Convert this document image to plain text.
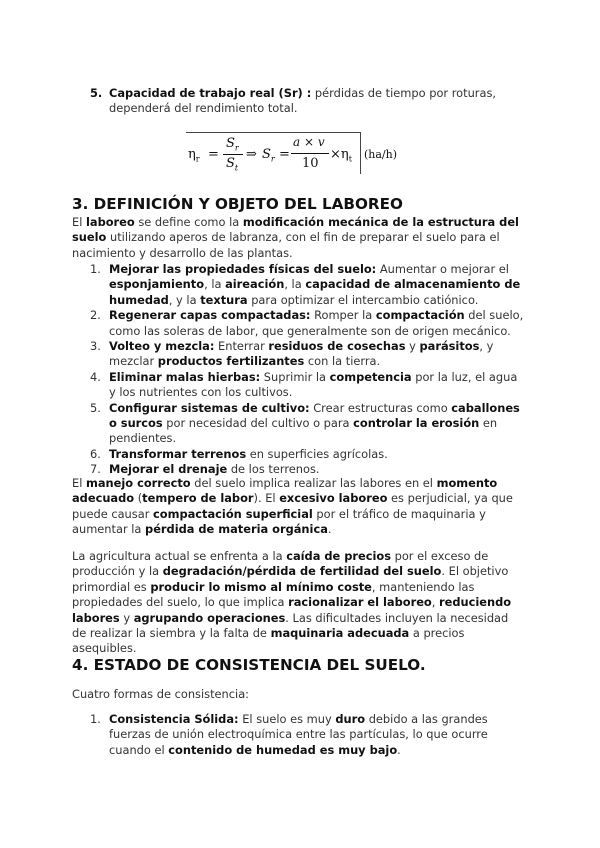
5. Capacidad de trabajo real (Sr) : pérdidas de tiempo por roturas, dependerá del rendimiento total.
$\eta_r$ =
$S_r$
$S_t$
⇒ $S_r$ =
a × v
10
$\times\eta_t$ (ha/h)
3. DEFINICIÓN Y OBJETO DEL LABOREO

El laboreo se define como la modificación mecánica de la estructura del suelo utilizando aperos de labranza, con el fin de preparar el suelo para el nacimiento y desarrollo de las plantas.

1. Mejorar las propiedades físicas del suelo: Aumentar o mejorar el esponjamiento, la aireación, la capacidad de almacenamiento de humedad, y la textura para optimizar el intercambio catiónico.
2. Regenerar capas compactadas: Romper la compactación del suelo, como las soleras de labor, que generalmente son de origen mecánico.
3. Volteo y mezcla: Enterrar residuos de cosechas y parásitos, y mezclar productos fertilizantes con la tierra.
4. Eliminar malas hierbas: Suprimir la competencia por la luz, el agua y los nutrientes con los cultivos.
5. Configurar sistemas de cultivo: Crear estructuras como caballones o surcos por necesidad del cultivo o para controlar la erosión en pendientes.
6. Transformar terrenos en superficies agrícolas.
7. Mejorar el drenaje de los terrenos.

El manejo correcto del suelo implica realizar las labores en el momento adecuado (tempero de labor). El excesivo laboreo es perjudicial, ya que puede causar compactación superficial por el tráfico de maquinaria y aumentar la pérdida de materia orgánica.

La agricultura actual se enfrenta a la caída de precios por el exceso de producción y la degradación/pérdida de fertilidad del suelo. El objetivo primordial es producir lo mismo al mínimo coste, manteniendo las propiedades del suelo, lo que implica racionalizar el laboreo, reduciendo labores y agrupando operaciones. Las dificultades incluyen la necesidad de realizar la siembra y la falta de maquinaria adecuada a precios asequibles.

4. ESTADO DE CONSISTENCIA DEL SUELO.

Cuatro formas de consistencia:

1. Consistencia Sólida: El suelo es muy duro debido a las grandes fuerzas de unión electroquímica entre las partículas, lo que ocurre cuando el contenido de humedad es muy bajo.
